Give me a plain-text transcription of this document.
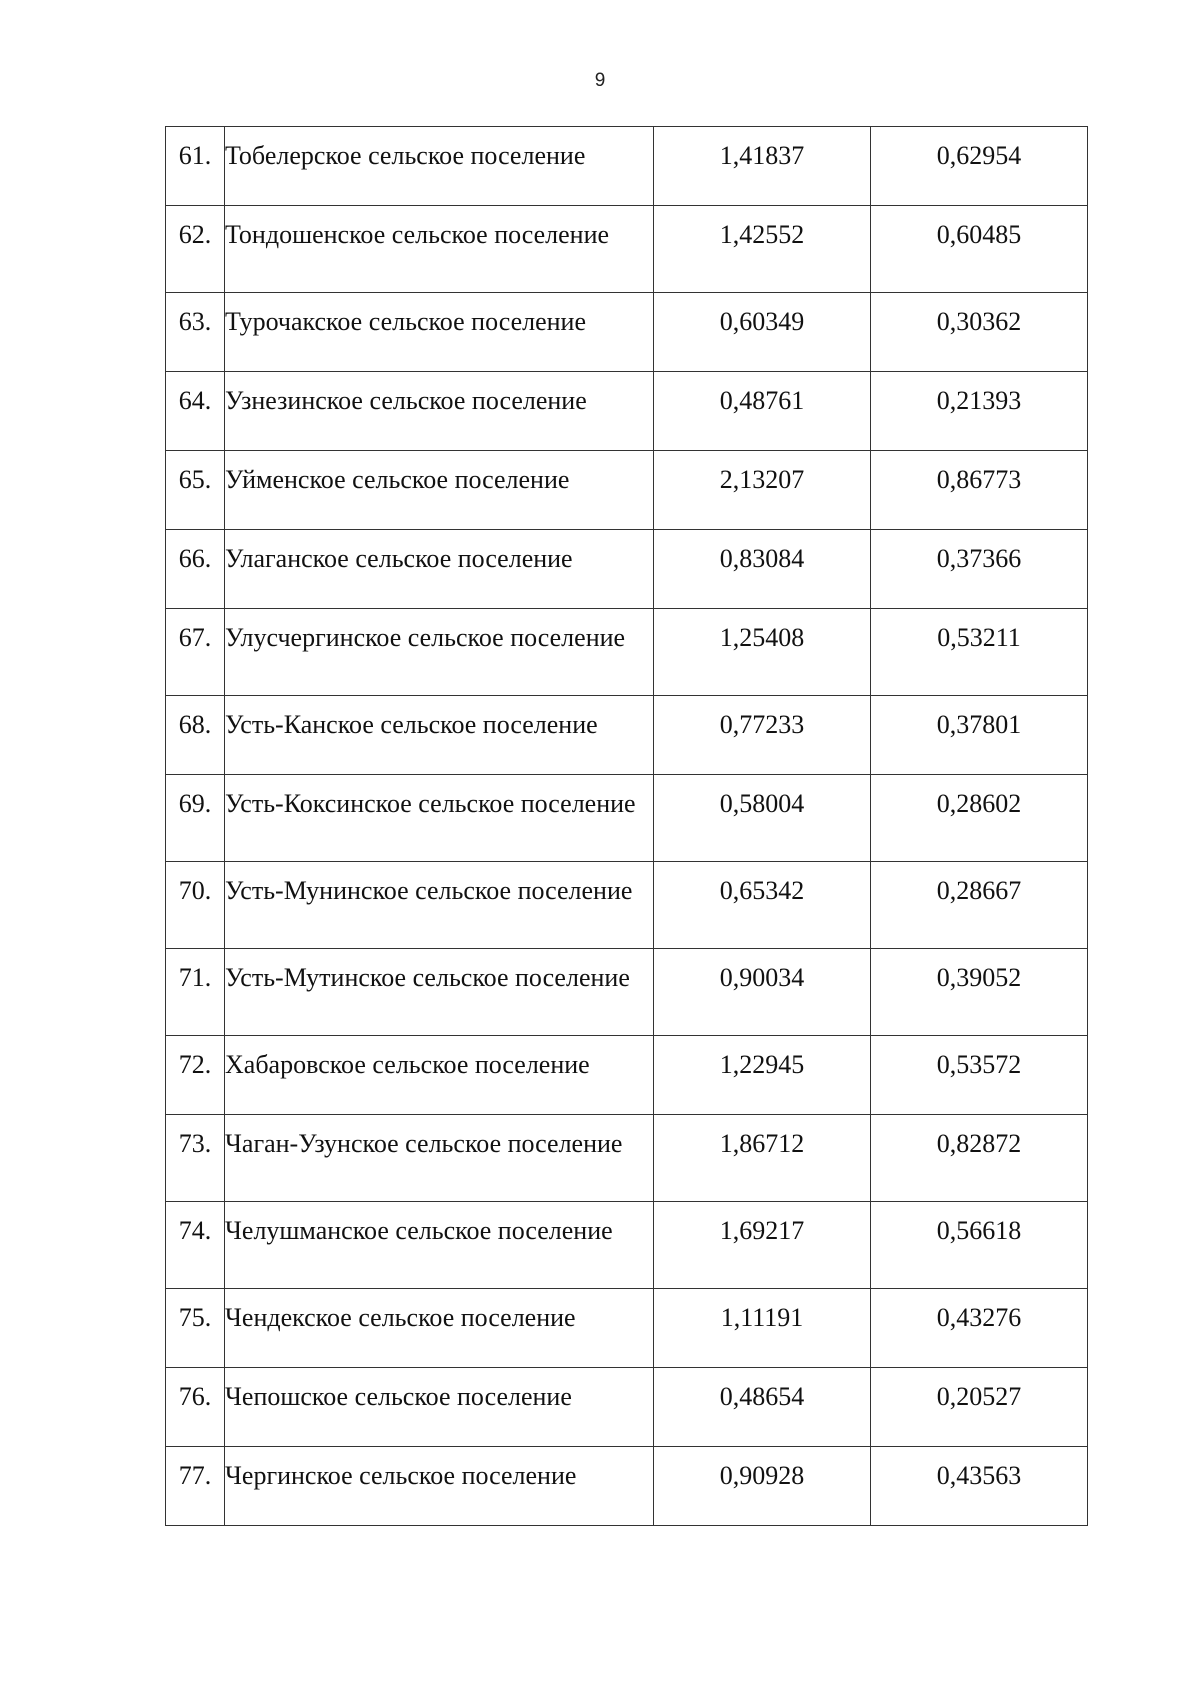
9
61.	Тобелерское сельское поселение	1,41837	0,62954
62.	Тондошенское сельское поселение	1,42552	0,60485
63.	Турочакское сельское поселение	0,60349	0,30362
64.	Узнезинское сельское поселение	0,48761	0,21393
65.	Уйменское сельское поселение	2,13207	0,86773
66.	Улаганское сельское поселение	0,83084	0,37366
67.	Улусчергинское сельское поселение	1,25408	0,53211
68.	Усть-Канское сельское поселение	0,77233	0,37801
69.	Усть-Коксинское сельское поселение	0,58004	0,28602
70.	Усть-Мунинское сельское поселение	0,65342	0,28667
71.	Усть-Мутинское сельское поселение	0,90034	0,39052
72.	Хабаровское сельское поселение	1,22945	0,53572
73.	Чаган-Узунское сельское поселение	1,86712	0,82872
74.	Челушманское сельское поселение	1,69217	0,56618
75.	Чендекское сельское поселение	1,11191	0,43276
76.	Чепошское сельское поселение	0,48654	0,20527
77.	Чергинское сельское поселение	0,90928	0,43563
